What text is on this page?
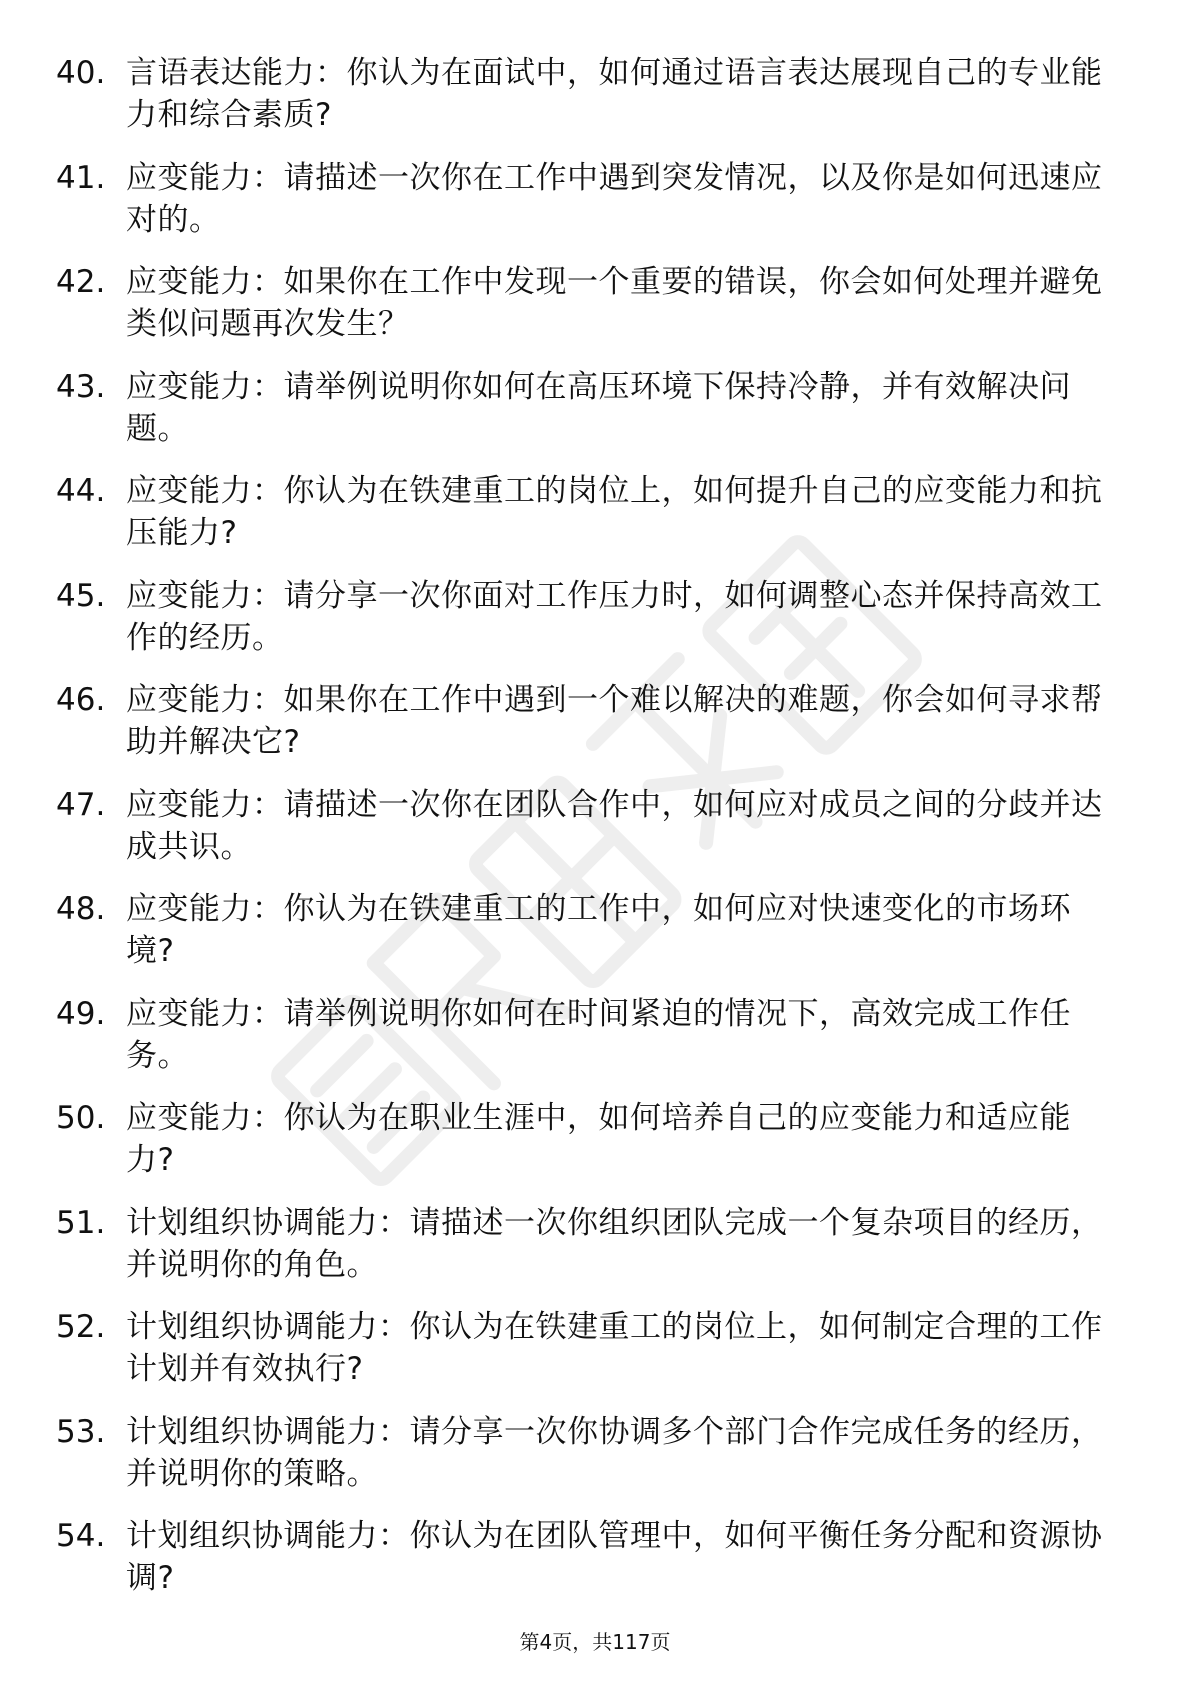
40. 言语表达能力：你认为在面试中，如何通过语言表达展现自己的专业能力和综合素质?
41. 应变能力：请描述一次你在工作中遇到突发情况，以及你是如何迅速应对的。
42. 应变能力：如果你在工作中发现一个重要的错误，你会如何处理并避免类似问题再次发生？
43. 应变能力：请举例说明你如何在高压环境下保持冷静，并有效解决问题。
44. 应变能力：你认为在铁建重工的岗位上，如何提升自己的应变能力和抗压能力?
45. 应变能力：请分享一次你面对工作压力时，如何调整心态并保持高效工作的经历。
46. 应变能力：如果你在工作中遇到一个难以解决的难题，你会如何寻求帮助并解决它?
47. 应变能力：请描述一次你在团队合作中，如何应对成员之间的分歧并达成共识。
48. 应变能力：你认为在铁建重工的工作中，如何应对快速变化的市场环境?
49. 应变能力：请举例说明你如何在时间紧迫的情况下，高效完成工作任务。
50. 应变能力：你认为在职业生涯中，如何培养自己的应变能力和适应能力?
51. 计划组织协调能力：请描述一次你组织团队完成一个复杂项目的经历，并说明你的角色。
52. 计划组织协调能力：你认为在铁建重工的岗位上，如何制定合理的工作计划并有效执行?
53. 计划组织协调能力：请分享一次你协调多个部门合作完成任务的经历，并说明你的策略。
54. 计划组织协调能力：你认为在团队管理中，如何平衡任务分配和资源协调?
第4页，共117页
